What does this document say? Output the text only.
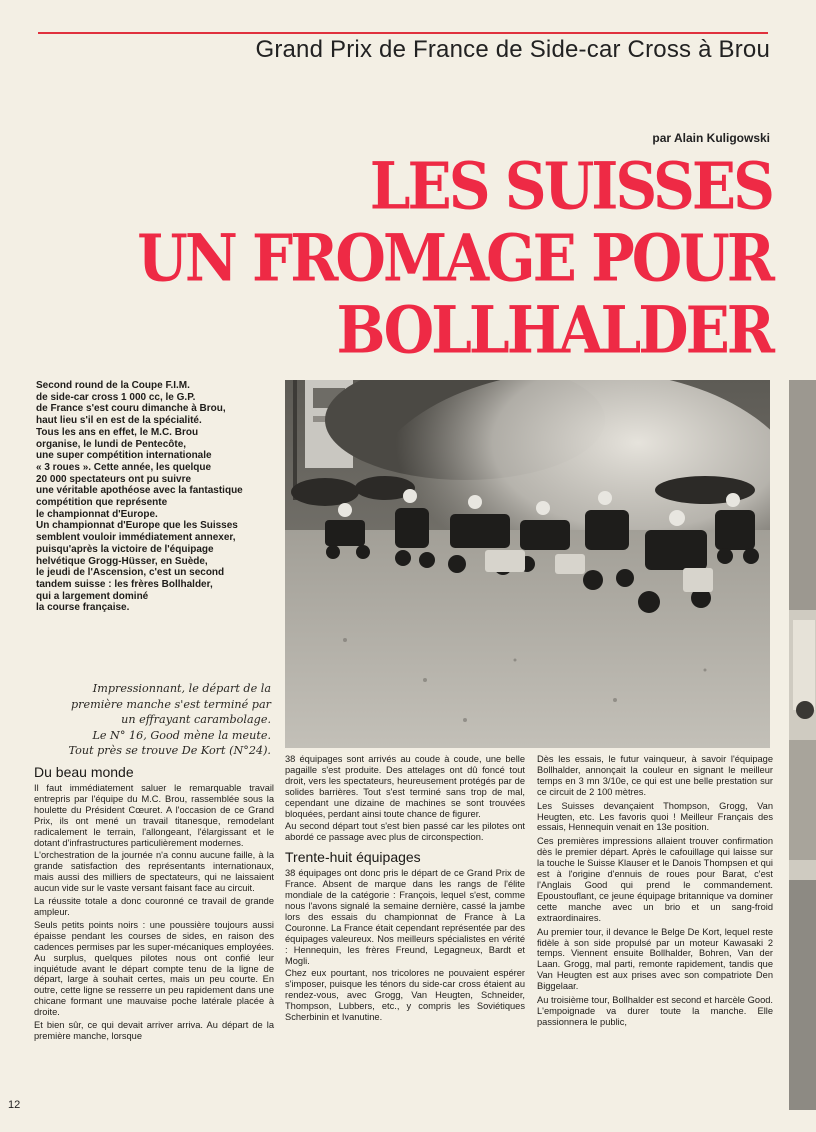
Grand Prix de France de Side-car Cross à Brou
par Alain Kuligowski
LES SUISSES
UN FROMAGE POUR
BOLLHALDER

Second round de la Coupe F.I.M.

de side-car cross 1 000 cc, le G.P.

de France s'est couru dimanche à Brou,

haut lieu s'il en est de la spécialité.

Tous les ans en effet, le M.C. Brou

organise, le lundi de Pentecôte,

une super compétition internationale

« 3 roues ». Cette année, les quelque

20 000 spectateurs ont pu suivre

une véritable apothéose avec la fantastique

compétition que représente

le championnat d'Europe.

Un championnat d'Europe que les Suisses

semblent vouloir immédiatement annexer,

puisqu'après la victoire de l'équipage

helvétique Grogg-Hüsser, en Suède,

le jeudi de l'Ascension, c'est un second

tandem suisse : les frères Bollhalder,

qui a largement dominé

la course française.

Impressionnant, le départ de la
première manche s'est terminé par
un effrayant carambolage.
Le N° 16, Good mène la meute.
Tout près se trouve De Kort (N°24).
Du beau monde

Il faut immédiatement saluer le remarquable travail entrepris par l'équipe du M.C. Brou, rassemblée sous la houlette du Président Cœuret. A l'occasion de ce Grand Prix, ils ont mené un travail titanesque, remodelant radicalement le terrain, l'allongeant, l'élargissant et le dotant d'infrastructures particulièrement modernes.

L'orchestration de la journée n'a connu aucune faille, à la grande satisfaction des représentants internationaux, mais aussi des milliers de spectateurs, qui ne laissaient aucun vide sur le vaste versant faisant face au circuit.

La réussite totale a donc couronné ce travail de grande ampleur.

Seuls petits points noirs : une poussière toujours aussi épaisse pendant les courses de sides, en raison des cadences permises par les super-mécaniques employées. Au surplus, quelques pilotes nous ont confié leur inquiétude avant le départ compte tenu de la ligne de départ, large à souhait certes, mais un peu courte. En outre, cette ligne se resserre un peu rapidement dans une chicane formant une mauvaise poche latérale placée à droite.

Et bien sûr, ce qui devait arriver arriva. Au départ de la première manche, lorsque

38 équipages sont arrivés au coude à coude, une belle pagaille s'est produite. Des attelages ont dû foncé tout droit, vers les spectateurs, heureusement protégés par de solides barrières. Tout s'est terminé sans trop de mal, cependant une dizaine de machines se sont trouvées bloquées, perdant ainsi toute chance de figurer.

Au second départ tout s'est bien passé car les pilotes ont abordé ce passage avec plus de circonspection.

Trente-huit équipages

38 équipages ont donc pris le départ de ce Grand Prix de France. Absent de marque dans les rangs de l'élite mondiale de la catégorie : François, lequel s'est, comme nous l'avons signalé la semaine dernière, cassé la jambe lors des essais du championnat de France à La Couronne. La France était cependant représentée par des équipages valeureux. Nos meilleurs spécialistes en vérité : Hennequin, les frères Freund, Legagneux, Bardt et Mogli.

Chez eux pourtant, nos tricolores ne pouvaient espérer s'imposer, puisque les ténors du side-car cross étaient au rendez-vous, avec Grogg, Van Heugten, Schneider, Thompson, Lubbers, etc., y compris les Soviétiques Scherbinin et Ivanutine.

Dès les essais, le futur vainqueur, à savoir l'équipage Bollhalder, annonçait la couleur en signant le meilleur temps en 3 mn 3/10e, ce qui est une belle prestation sur ce circuit de 2 100 mètres.

Les Suisses devançaient Thompson, Grogg, Van Heugten, etc. Les favoris quoi ! Meilleur Français des essais, Hennequin venait en 13e position.

Ces premières impressions allaient trouver confirmation dès le premier départ. Après le cafouillage qui laisse sur la touche le Suisse Klauser et le Danois Thompsen et qui est à l'origine d'ennuis de roues pour Barat, c'est l'Anglais Good qui prend le commandement. Epoustouflant, ce jeune équipage britannique va dominer cette manche avec un brio et un sang-froid extraordinaires.

Au premier tour, il devance le Belge De Kort, lequel reste fidèle à son side propulsé par un moteur Kawasaki 2 temps. Viennent ensuite Bollhalder, Bohren, Van der Laan. Grogg, mal parti, remonte rapidement, tandis que Van Heugten est aux prises avec son compatriote Den Biggelaar.

Au troisième tour, Bollhalder est second et harcèle Good. L'empoignade va durer toute la manche. Elle passionnera le public,

12
